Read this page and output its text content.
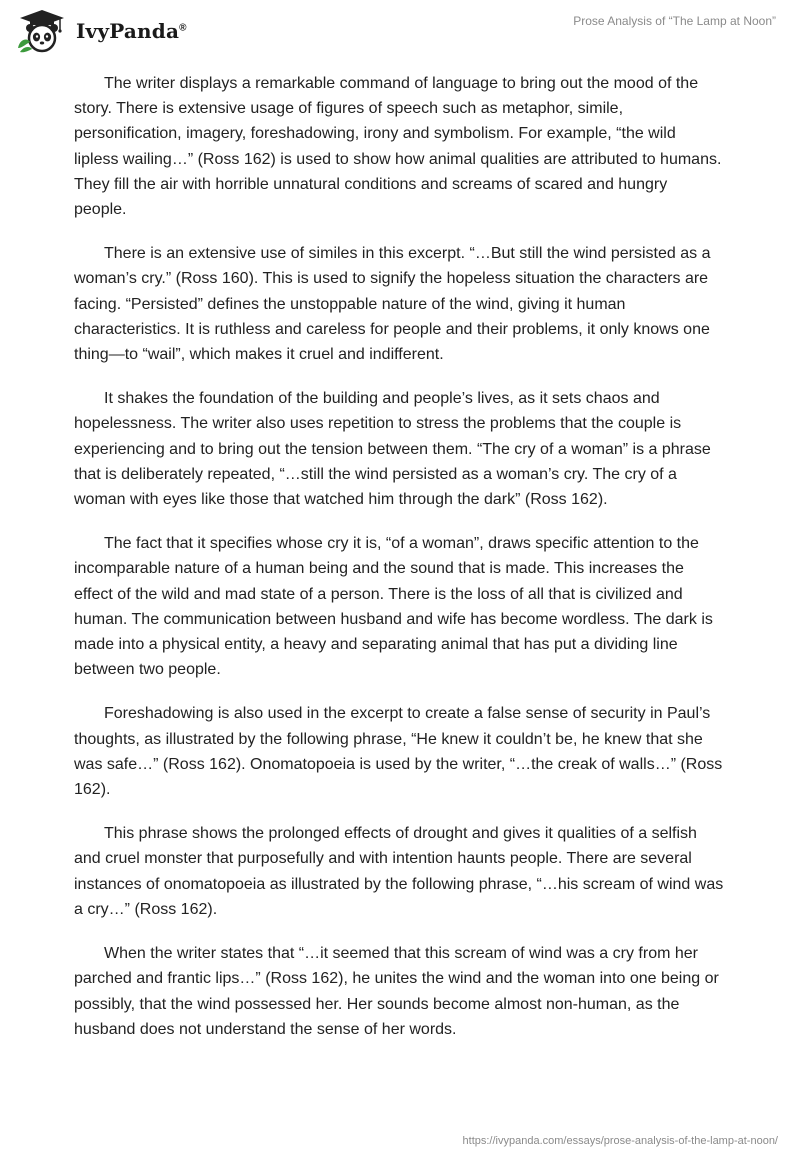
IvyPanda®	Prose Analysis of “The Lamp at Noon”

The writer displays a remarkable command of language to bring out the mood of the story. There is extensive usage of figures of speech such as metaphor, simile, personification, imagery, foreshadowing, irony and symbolism. For example, “the wild lipless wailing…” (Ross 162) is used to show how animal qualities are attributed to humans. They fill the air with horrible unnatural conditions and screams of scared and hungry people.

There is an extensive use of similes in this excerpt. “…But still the wind persisted as a woman’s cry.” (Ross 160). This is used to signify the hopeless situation the characters are facing. “Persisted” defines the unstoppable nature of the wind, giving it human characteristics. It is ruthless and careless for people and their problems, it only knows one thing—to “wail”, which makes it cruel and indifferent.

It shakes the foundation of the building and people’s lives, as it sets chaos and hopelessness. The writer also uses repetition to stress the problems that the couple is experiencing and to bring out the tension between them. “The cry of a woman” is a phrase that is deliberately repeated, “…still the wind persisted as a woman’s cry. The cry of a woman with eyes like those that watched him through the dark” (Ross 162).

The fact that it specifies whose cry it is, “of a woman”, draws specific attention to the incomparable nature of a human being and the sound that is made. This increases the effect of the wild and mad state of a person. There is the loss of all that is civilized and human. The communication between husband and wife has become wordless. The dark is made into a physical entity, a heavy and separating animal that has put a dividing line between two people.

Foreshadowing is also used in the excerpt to create a false sense of security in Paul’s thoughts, as illustrated by the following phrase, “He knew it couldn’t be, he knew that she was safe…” (Ross 162). Onomatopoeia is used by the writer, “…the creak of walls…” (Ross 162).

This phrase shows the prolonged effects of drought and gives it qualities of a selfish and cruel monster that purposefully and with intention haunts people. There are several instances of onomatopoeia as illustrated by the following phrase, “…his scream of wind was a cry…” (Ross 162).

When the writer states that “…it seemed that this scream of wind was a cry from her parched and frantic lips…” (Ross 162), he unites the wind and the woman into one being or possibly, that the wind possessed her. Her sounds become almost non-human, as the husband does not understand the sense of her words.

https://ivypanda.com/essays/prose-analysis-of-the-lamp-at-noon/
